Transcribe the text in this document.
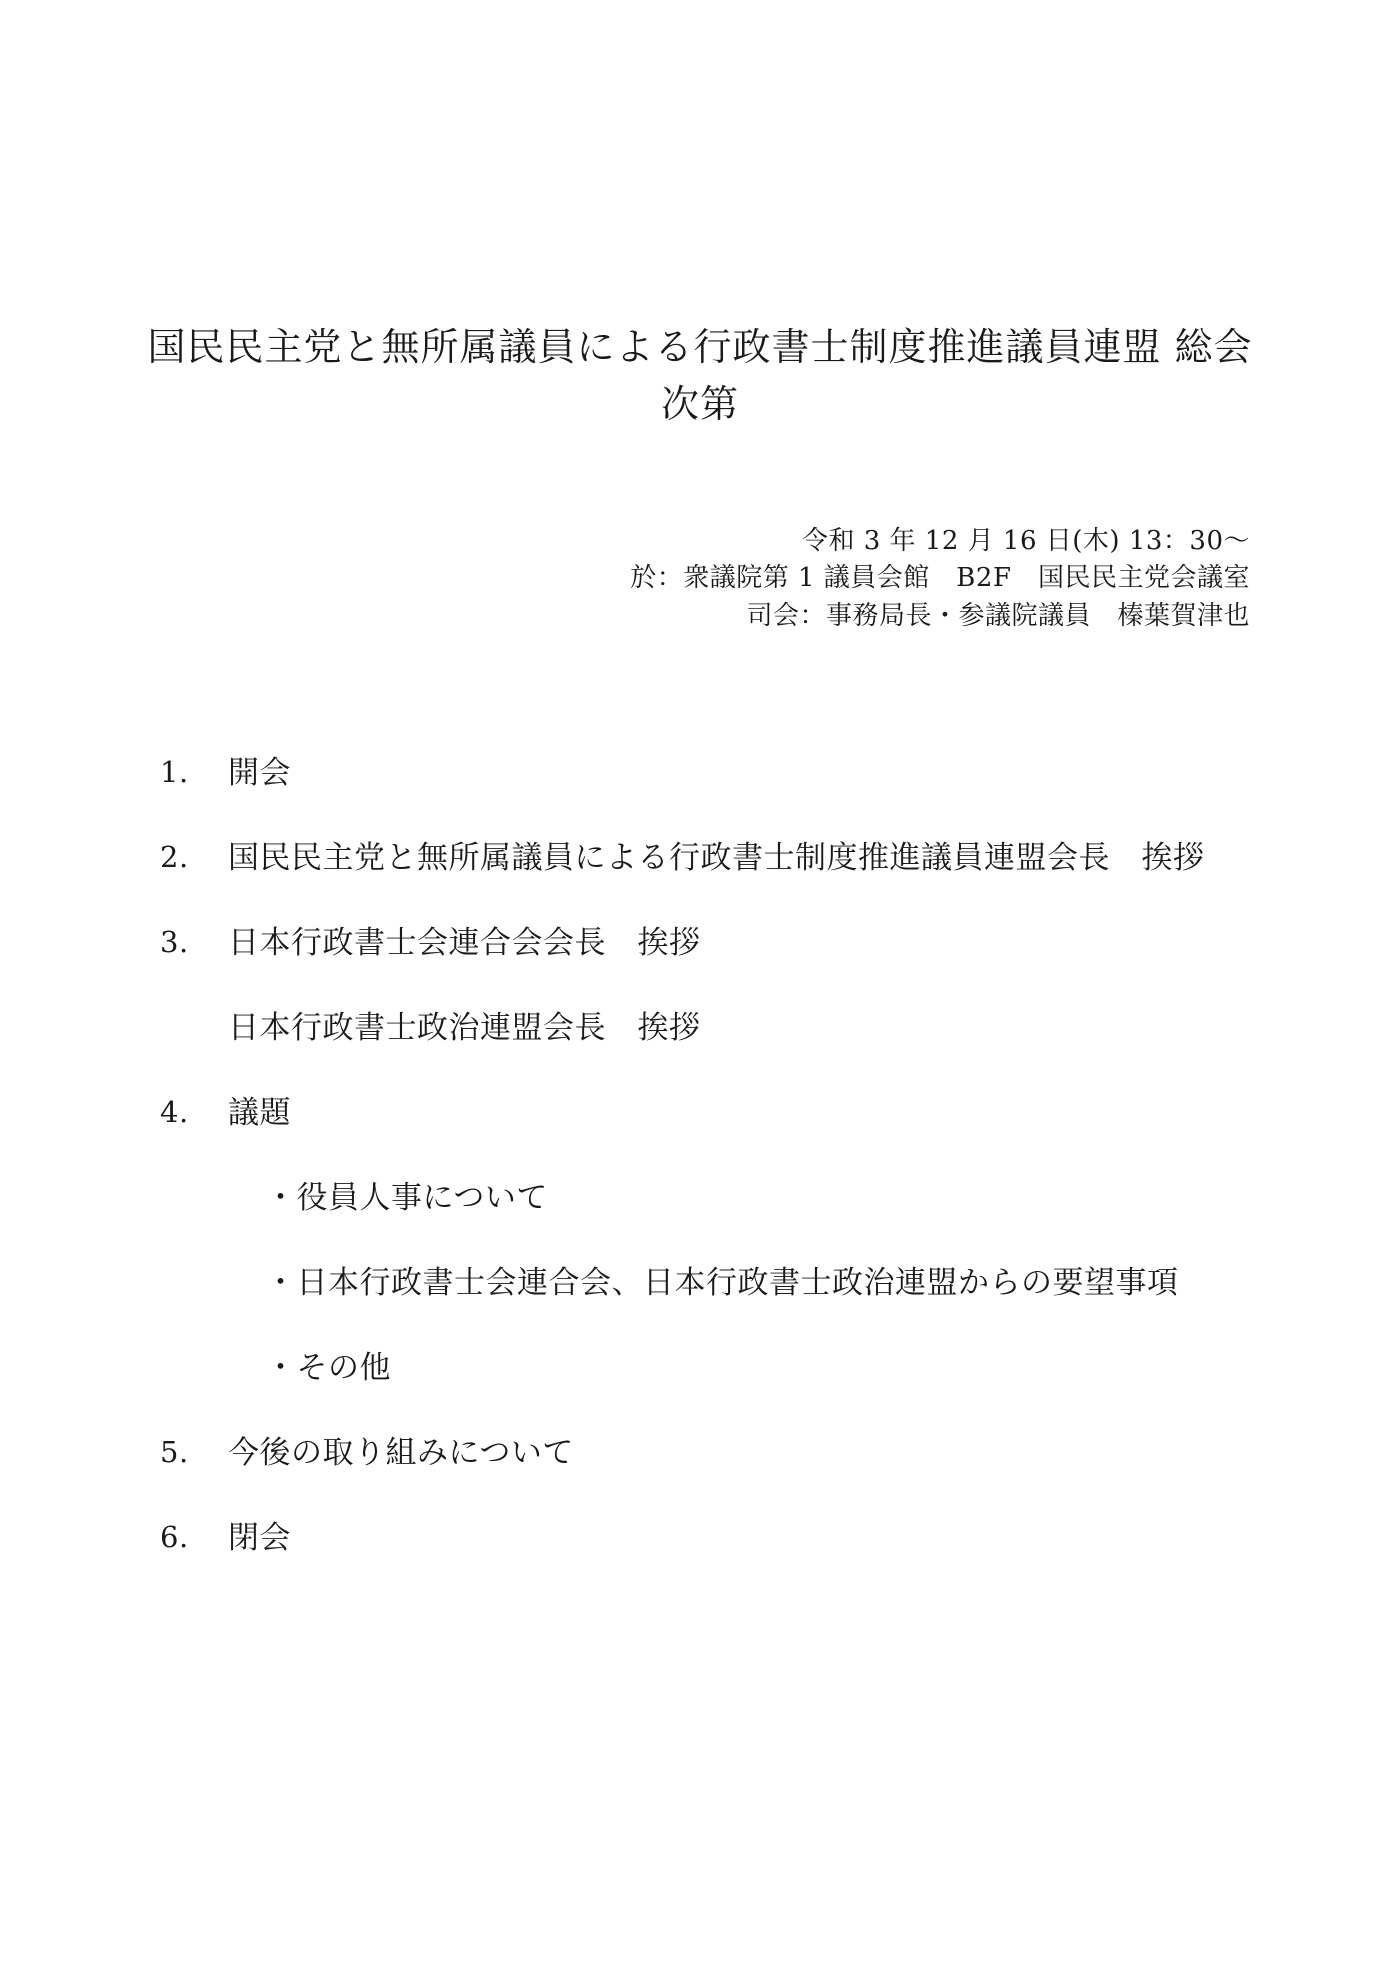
国民民主党と無所属議員による行政書士制度推進議員連盟 総会
次第
令和 3 年 12 月 16 日(木) 13：30～
於：衆議院第 1 議員会館　B2F　国民民主党会議室
司会：事務局長・参議院議員　榛葉賀津也
1. 開会
2. 国民民主党と無所属議員による行政書士制度推進議員連盟会長　挨拶
3. 日本行政書士会連合会会長　挨拶
日本行政書士政治連盟会長　挨拶
4. 議題
・役員人事について
・日本行政書士会連合会、日本行政書士政治連盟からの要望事項
・その他
5. 今後の取り組みについて
6. 閉会
